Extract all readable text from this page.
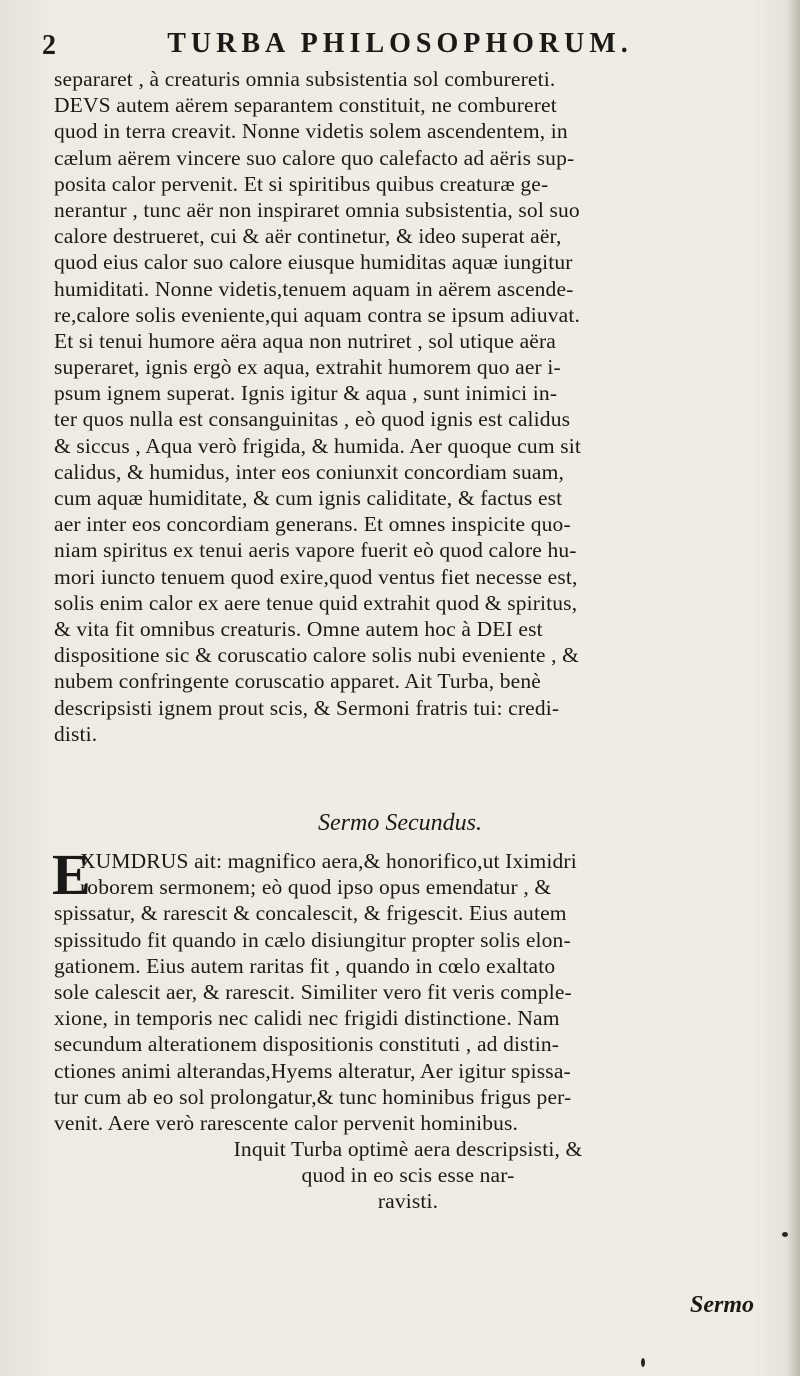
2	TURBA PHILOSOPHORUM.
separaret , à creaturis omnia subsistentia sol comburereti.
DEVS autem aërem separantem constituit, ne combureret
quod in terra creavit. Nonne videtis solem ascendentem, in
cælum aërem vincere suo calore quo calefacto ad aëris sup-
posita calor pervenit. Et si spiritibus quibus creaturæ ge-
nerantur , tunc aër non inspiraret omnia subsistentia, sol suo
calore destrueret, cui & aër continetur, & ideo superat aër,
quod eius calor suo calore eiusque humiditas aquæ iungitur
humiditati. Nonne videtis,tenuem aquam in aërem ascende-
re,calore solis eveniente,qui aquam contra se ipsum adiuvat.
Et si tenui humore aëra aqua non nutriret , sol utique aëra
superaret, ignis ergò ex aqua, extrahit humorem quo aer i-
psum ignem superat. Ignis igitur & aqua , sunt inimici in-
ter quos nulla est consanguinitas , eò quod ignis est calidus
& siccus , Aqua verò frigida, & humida. Aer quoque cum sit
calidus, & humidus, inter eos coniunxit concordiam suam,
cum aquæ humiditate, & cum ignis caliditate, & factus est
aer inter eos concordiam generans. Et omnes inspicite quo-
niam spiritus ex tenui aeris vapore fuerit eò quod calore hu-
mori iuncto tenuem quod exire,quod ventus fiet necesse est,
solis enim calor ex aere tenue quid extrahit quod & spiritus,
& vita fit omnibus creaturis. Omne autem hoc à DEI est
dispositione sic & coruscatio calore solis nubi eveniente , &
nubem confringente coruscatio apparet. Ait Turba, benè
descripsisti ignem prout scis, & Sermoni fratris tui: credi-
disti.
Sermo Secundus.
E
XUMDRUS ait: magnifico aera,& honorifico,ut Iximidri
roborem sermonem; eò quod ipso opus emendatur , &
spissatur, & rarescit & concalescit, & frigescit. Eius autem
spissitudo fit quando in cælo disiungitur propter solis elon-
gationem. Eius autem raritas fit , quando in cœlo exaltato
sole calescit aer, & rarescit. Similiter vero fit veris comple-
xione, in temporis nec calidi nec frigidi distinctione. Nam
secundum alterationem dispositionis constituti , ad distin-
ctiones animi alterandas,Hyems alteratur, Aer igitur spissa-
tur cum ab eo sol prolongatur,& tunc hominibus frigus per-
venit. Aere verò rarescente calor pervenit hominibus.
Inquit Turba optimè aera descripsisti, &
quod in eo scis esse nar-
ravisti.
Sermo
